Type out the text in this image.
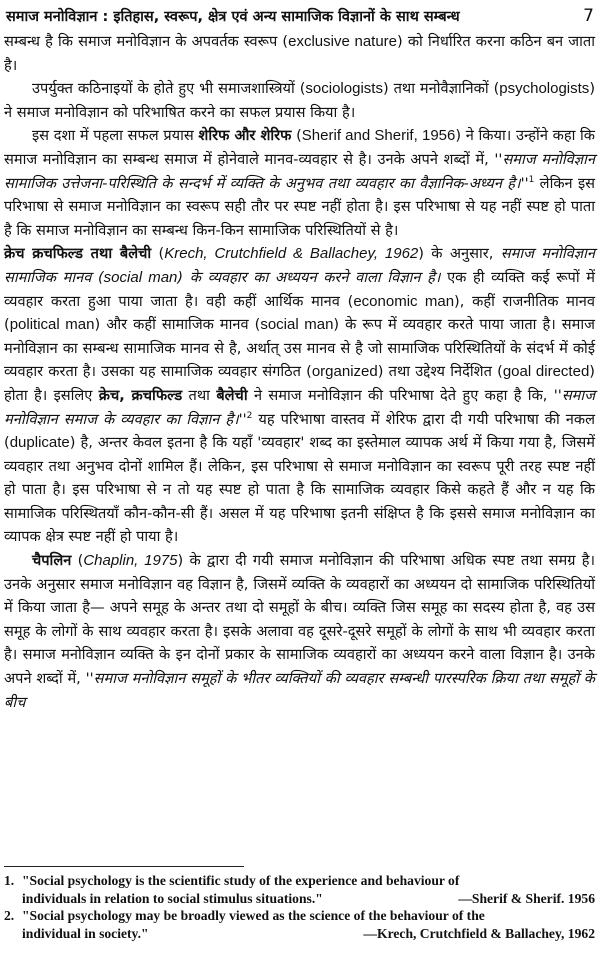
समाज मनोविज्ञान : इतिहास, स्वरूप, क्षेत्र एवं अन्य सामाजिक विज्ञानों के साथ सम्बन्ध	7

सम्बन्ध है कि समाज मनोविज्ञान के अपवर्तक स्वरूप (exclusive nature) को निर्धारित करना कठिन बन जाता है।

उपर्युक्त कठिनाइयों के होते हुए भी समाजशास्त्रियों (sociologists) तथा मनोवैज्ञानिकों (psychologists) ने समाज मनोविज्ञान को परिभाषित करने का सफल प्रयास किया है।

इस दशा में पहला सफल प्रयास शेरिफ और शेरिफ (Sherif and Sherif, 1956) ने किया। उन्होंने कहा कि समाज मनोविज्ञान का सम्बन्ध समाज में होनेवाले मानव-व्यवहार से है। उनके अपने शब्दों में, ''समाज मनोविज्ञान सामाजिक उत्तेजना-परिस्थिति के सन्दर्भ में व्यक्ति के अनुभव तथा व्यवहार का वैज्ञानिक-अध्यन $है।''^1$ लेकिन इस परिभाषा से समाज मनोविज्ञान का स्वरूप सही तौर पर स्पष्ट नहीं होता है। इस परिभाषा से यह नहीं स्पष्ट हो पाता है कि समाज मनोविज्ञान का सम्बन्ध किन-किन सामाजिक परिस्थितियों से है।

क्रेच क्रचफिल्ड तथा बैलेची (Krech, Crutchfield & Ballachey, 1962) के अनुसार, समाज मनोविज्ञान सामाजिक मानव (social man) के व्यवहार का अध्ययन करने वाला विज्ञान है। एक ही व्यक्ति कई रूपों में व्यवहार करता हुआ पाया जाता है। वही कहीं आर्थिक मानव (economic man), कहीं राजनीतिक मानव (political man) और कहीं सामाजिक मानव (social man) के रूप में व्यवहार करते पाया जाता है। समाज मनोविज्ञान का सम्बन्ध सामाजिक मानव से है, अर्थात् उस मानव से है जो सामाजिक परिस्थितियों के संदर्भ में कोई व्यवहार करता है। उसका यह सामाजिक व्यवहार संगठित (organized) तथा उद्देश्य निर्देशित (goal directed) होता है। इसलिए क्रेच, क्रचफिल्ड तथा बैलेची ने समाज मनोविज्ञान की परिभाषा देते हुए कहा है कि, ''समाज मनोविज्ञान समाज के व्यवहार का विज्ञान $है।''^2$ यह परिभाषा वास्तव में शेरिफ द्वारा दी गयी परिभाषा की नकल (duplicate) है, अन्तर केवल इतना है कि यहाँ 'व्यवहार' शब्द का इस्तेमाल व्यापक अर्थ में किया गया है, जिसमें व्यवहार तथा अनुभव दोनों शामिल हैं। लेकिन, इस परिभाषा से समाज मनोविज्ञान का स्वरूप पूरी तरह स्पष्ट नहीं हो पाता है। इस परिभाषा से न तो यह स्पष्ट हो पाता है कि सामाजिक व्यवहार किसे कहते हैं और न यह कि सामाजिक परिस्थितयाँ कौन-कौन-सी हैं। असल में यह परिभाषा इतनी संक्षिप्त है कि इससे समाज मनोविज्ञान का व्यापक क्षेत्र स्पष्ट नहीं हो पाया है।

चैपलिन (Chaplin, 1975) के द्वारा दी गयी समाज मनोविज्ञान की परिभाषा अधिक स्पष्ट तथा समग्र है। उनके अनुसार समाज मनोविज्ञान वह विज्ञान है, जिसमें व्यक्ति के व्यवहारों का अध्ययन दो सामाजिक परिस्थितियों में किया जाता है— अपने समूह के अन्तर तथा दो समूहों के बीच। व्यक्ति जिस समूह का सदस्य होता है, वह उस समूह के लोगों के साथ व्यवहार करता है। इसके अलावा वह दूसरे-दूसरे समूहों के लोगों के साथ भी व्यवहार करता है। समाज मनोविज्ञान व्यक्ति के इन दोनों प्रकार के सामाजिक व्यवहारों का अध्ययन करने वाला विज्ञान है। उनके अपने शब्दों में, ''समाज मनोविज्ञान समूहों के भीतर व्यक्तियों की व्यवहार सम्बन्धी पारस्परिक क्रिया तथा समूहों के बीच

1. "Social psychology is the scientific study of the experience and behaviour of
individuals in relation to social stimulus situations."	—Sherif & Sherif. 1956
2. "Social psychology may be broadly viewed as the science of the behaviour of the
individual in society."	—Krech, Crutchfield & Ballachey, 1962
